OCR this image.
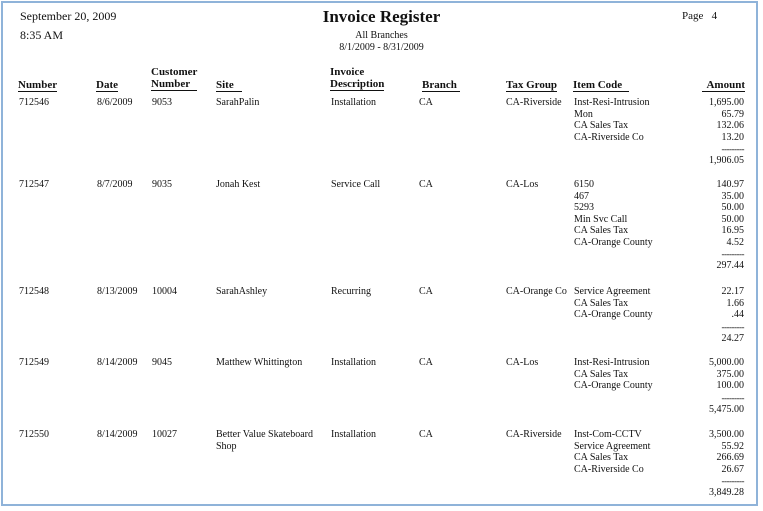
September 20, 2009
8:35 AM
Invoice Register
All Branches
8/1/2009 - 8/31/2009
Page 4
Number	Date
Customer
Number	Site
Invoice
Description	Branch	Tax Group Item Code	Amount
712546	8/6/2009 9053	SarahPalin	Installation	CA	CA-Riverside Inst-Resi-Intrusion	1,695.00
Mon	65.79
CA Sales Tax	132.06
CA-Riverside Co	13.20
---------
1,906.05
712547	8/7/2009 9035	Jonah Kest	Service Call	CA	CA-Los	6150	140.97
467	35.00
5293	50.00
Min Svc Call	50.00
CA Sales Tax	16.95
CA-Orange County	4.52
---------
297.44
712548	8/13/2009 10004	SarahAshley	Recurring	CA	CA-Orange Co Service Agreement	22.17
CA Sales Tax	1.66
CA-Orange County	.44
---------
24.27
712549	8/14/2009 9045	Matthew Whittington	Installation	CA	CA-Los	Inst-Resi-Intrusion	5,000.00
CA Sales Tax	375.00
CA-Orange County	100.00
---------
5,475.00
712550	8/14/2009 10027	Better Value Skateboard
Shop
Installation	CA	CA-Riverside Inst-Com-CCTV	3,500.00
Service Agreement	55.92
CA Sales Tax	266.69
CA-Riverside Co	26.67
---------
3,849.28
